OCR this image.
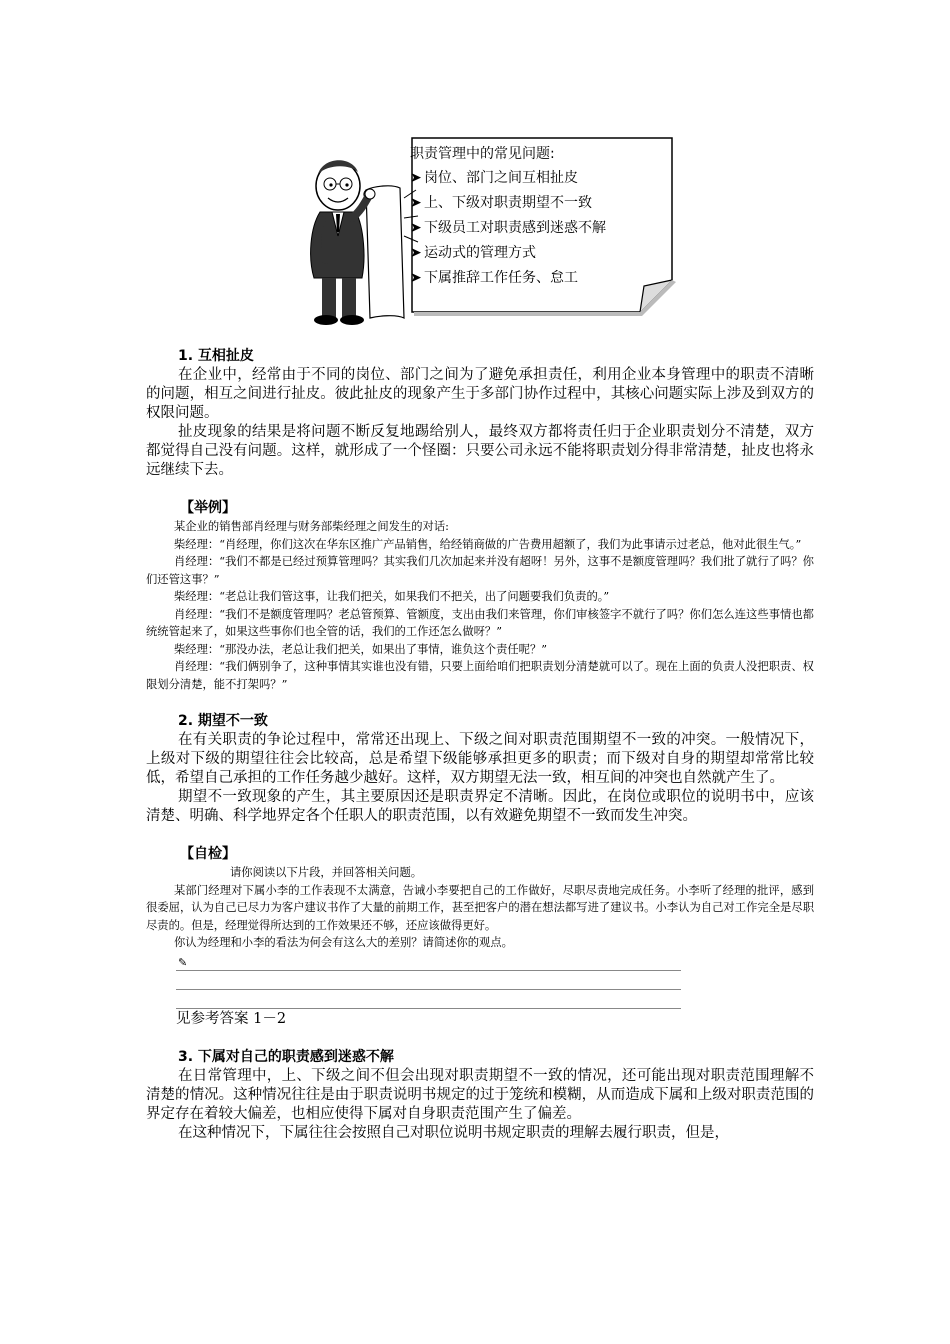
职责管理中的常见问题:
➤ 岗位、部门之间互相扯皮
➤ 上、下级对职责期望不一致
➤ 下级员工对职责感到迷惑不解
➤ 运动式的管理方式
➤ 下属推辞工作任务、怠工

1. 互相扯皮

在企业中，经常由于不同的岗位、部门之间为了避免承担责任，利用企业本身管理中的职责不清晰的问题，相互之间进行扯皮。彼此扯皮的现象产生于多部门协作过程中，其核心问题实际上涉及到双方的权限问题。

扯皮现象的结果是将问题不断反复地踢给别人，最终双方都将责任归于企业职责划分不清楚，双方都觉得自己没有问题。这样，就形成了一个怪圈：只要公司永远不能将职责划分得非常清楚，扯皮也将永远继续下去。

【举例】

某企业的销售部肖经理与财务部柴经理之间发生的对话:

柴经理：“肖经理，你们这次在华东区推广产品销售，给经销商做的广告费用超额了，我们为此事请示过老总，他对此很生气。”

肖经理：“我们不都是已经过预算管理吗？其实我们几次加起来并没有超呀！另外，这事不是额度管理吗？我们批了就行了吗？你们还管这事？”

柴经理：“老总让我们管这事，让我们把关，如果我们不把关，出了问题要我们负责的。”

肖经理：“我们不是额度管理吗？老总管预算、管额度，支出由我们来管理，你们审核签字不就行了吗？你们怎么连这些事情也都统统管起来了，如果这些事你们也全管的话，我们的工作还怎么做呀？”

柴经理：“那没办法，老总让我们把关，如果出了事情，谁负这个责任呢？”

肖经理：“我们俩别争了，这种事情其实谁也没有错，只要上面给咱们把职责划分清楚就可以了。现在上面的负责人没把职责、权限划分清楚，能不打架吗？”

2. 期望不一致

在有关职责的争论过程中，常常还出现上、下级之间对职责范围期望不一致的冲突。一般情况下，上级对下级的期望往往会比较高，总是希望下级能够承担更多的职责；而下级对自身的期望却常常比较低，希望自己承担的工作任务越少越好。这样，双方期望无法一致，相互间的冲突也自然就产生了。

期望不一致现象的产生，其主要原因还是职责界定不清晰。因此，在岗位或职位的说明书中，应该清楚、明确、科学地界定各个任职人的职责范围，以有效避免期望不一致而发生冲突。

【自检】

请你阅读以下片段，并回答相关问题。

某部门经理对下属小李的工作表现不太满意，告诫小李要把自己的工作做好，尽职尽责地完成任务。小李听了经理的批评，感到很委屈，认为自己已尽力为客户建议书作了大量的前期工作，甚至把客户的潜在想法都写进了建议书。小李认为自己对工作完全是尽职尽责的。但是，经理觉得所达到的工作效果还不够，还应该做得更好。

你认为经理和小李的看法为何会有这么大的差别？请简述你的观点。

✎

见参考答案 1－2

3. 下属对自己的职责感到迷惑不解

在日常管理中，上、下级之间不但会出现对职责期望不一致的情况，还可能出现对职责范围理解不清楚的情况。这种情况往往是由于职责说明书规定的过于笼统和模糊，从而造成下属和上级对职责范围的界定存在着较大偏差，也相应使得下属对自身职责范围产生了偏差。

在这种情况下，下属往往会按照自己对职位说明书规定职责的理解去履行职责，但是，
